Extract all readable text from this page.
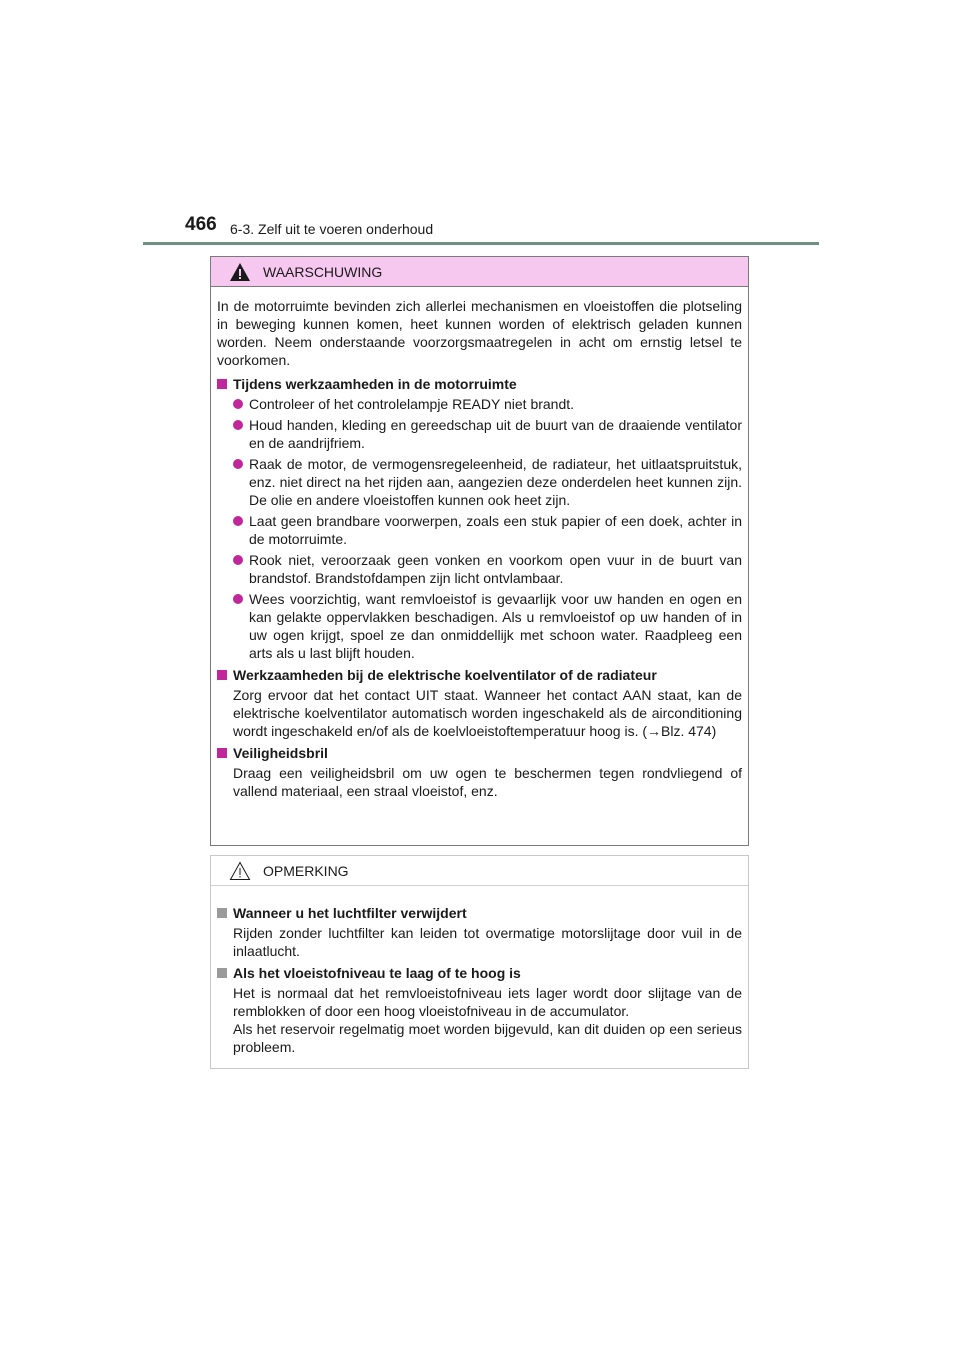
466 6-3. Zelf uit te voeren onderhoud
WAARSCHUWING

In de motorruimte bevinden zich allerlei mechanismen en vloeistoffen die plotseling in beweging kunnen komen, heet kunnen worden of elektrisch geladen kunnen worden. Neem onderstaande voorzorgsmaatregelen in acht om ernstig letsel te voorkomen.

Tijdens werkzaamheden in de motorruimte
Controleer of het controlelampje READY niet brandt.
Houd handen, kleding en gereedschap uit de buurt van de draaiende ventilator en de aandrijfriem.
Raak de motor, de vermogensregeleenheid, de radiateur, het uitlaatspruitstuk, enz. niet direct na het rijden aan, aangezien deze onderdelen heet kunnen zijn. De olie en andere vloeistoffen kunnen ook heet zijn.
Laat geen brandbare voorwerpen, zoals een stuk papier of een doek, achter in de motorruimte.
Rook niet, veroorzaak geen vonken en voorkom open vuur in de buurt van brandstof. Brandstofdampen zijn licht ontvlambaar.
Wees voorzichtig, want remvloeistof is gevaarlijk voor uw handen en ogen en kan gelakte oppervlakken beschadigen. Als u remvloeistof op uw handen of in uw ogen krijgt, spoel ze dan onmiddellijk met schoon water. Raadpleeg een arts als u last blijft houden.
Werkzaamheden bij de elektrische koelventilator of de radiateur

Zorg ervoor dat het contact UIT staat. Wanneer het contact AAN staat, kan de elektrische koelventilator automatisch worden ingeschakeld als de airconditioning wordt ingeschakeld en/of als de koelvloeistoftemperatuur hoog is. (→Blz. 474)

Veiligheidsbril

Draag een veiligheidsbril om uw ogen te beschermen tegen rondvliegend of vallend materiaal, een straal vloeistof, enz.

OPMERKING
Wanneer u het luchtfilter verwijdert

Rijden zonder luchtfilter kan leiden tot overmatige motorslijtage door vuil in de inlaatlucht.

Als het vloeistofniveau te laag of te hoog is

Het is normaal dat het remvloeistofniveau iets lager wordt door slijtage van de remblokken of door een hoog vloeistofniveau in de accumulator.

Als het reservoir regelmatig moet worden bijgevuld, kan dit duiden op een serieus probleem.
